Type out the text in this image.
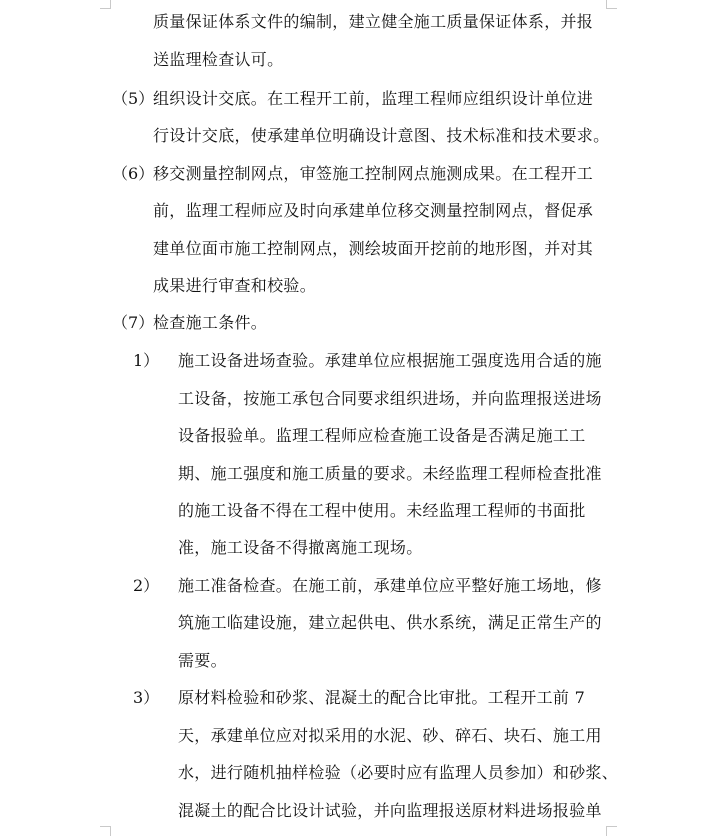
质量保证体系文件的编制，建立健全施工质量保证体系，并报
送监理检查认可。
（5）
组织设计交底。在工程开工前，监理工程师应组织设计单位进
行设计交底，使承建单位明确设计意图、技术标准和技术要求。
（6）
移交测量控制网点，审签施工控制网点施测成果。在工程开工
前，监理工程师应及时向承建单位移交测量控制网点，督促承
建单位面市施工控制网点，测绘坡面开挖前的地形图，并对其
成果进行审查和校验。
（7）
检查施工条件。
1） 施工设备进场查验。承建单位应根据施工强度选用合适的施
工设备，按施工承包合同要求组织进场，并向监理报送进场
设备报验单。监理工程师应检查施工设备是否满足施工工
期、施工强度和施工质量的要求。未经监理工程师检查批准
的施工设备不得在工程中使用。未经监理工程师的书面批
准，施工设备不得撤离施工现场。
2） 施工准备检查。在施工前，承建单位应平整好施工场地，修
筑施工临建设施，建立起供电、供水系统，满足正常生产的
需要。
3） 原材料检验和砂浆、混凝土的配合比审批。工程开工前 7
天，承建单位应对拟采用的水泥、砂、碎石、块石、施工用
水，进行随机抽样检验（必要时应有监理人员参加）和砂浆、
混凝土的配合比设计试验，并向监理报送原材料进场报验单
